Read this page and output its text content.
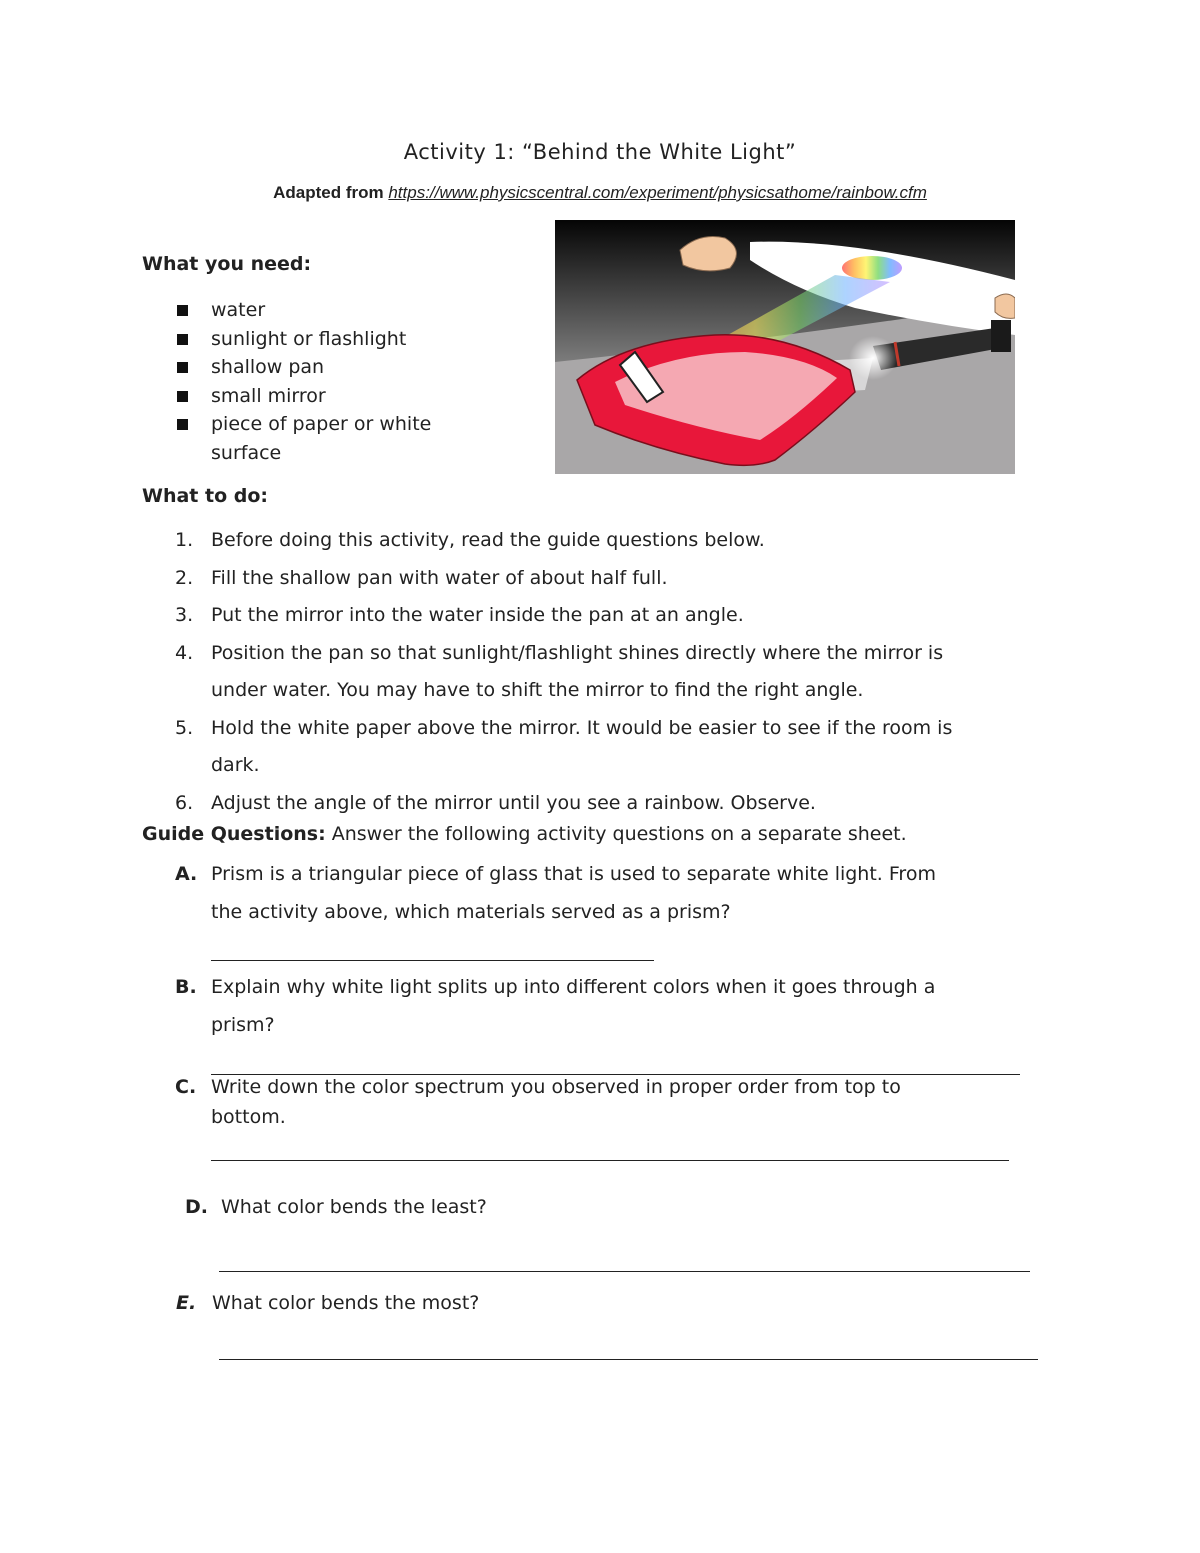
Activity 1: “Behind the White Light”
Adapted from https://www.physicscentral.com/experiment/physicsathome/rainbow.cfm
What you need:
water
sunlight or flashlight
shallow pan
small mirror
piece of paper or white
surface
What to do:
1. Before doing this activity, read the guide questions below.
2. Fill the shallow pan with water of about half full.
3. Put the mirror into the water inside the pan at an angle.
4. Position the pan so that sunlight/flashlight shines directly where the mirror is
under water. You may have to shift the mirror to find the right angle.
5. Hold the white paper above the mirror. It would be easier to see if the room is
dark.
6. Adjust the angle of the mirror until you see a rainbow. Observe.
Guide Questions: Answer the following activity questions on a separate sheet.
A. Prism is a triangular piece of glass that is used to separate white light. From
the activity above, which materials served as a prism?
B. Explain why white light splits up into different colors when it goes through a
prism?
C. Write down the color spectrum you observed in proper order from top to
bottom.
D. What color bends the least?
E. What color bends the most?
